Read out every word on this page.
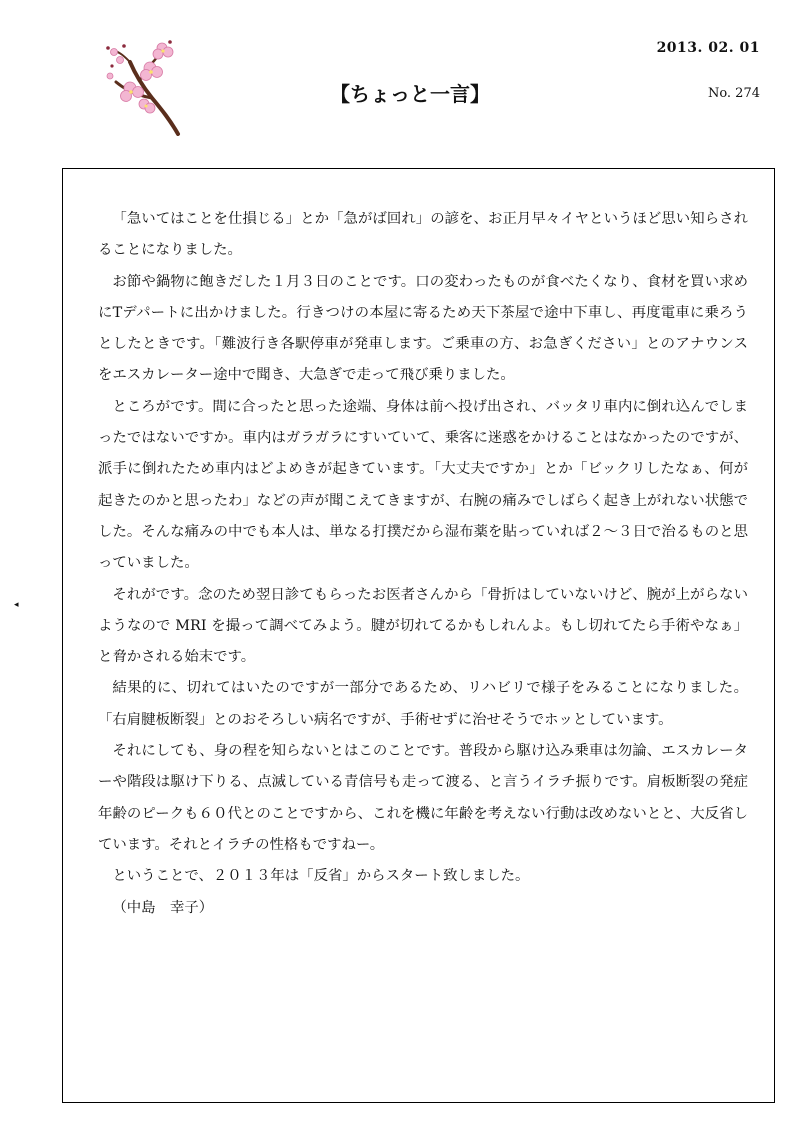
2013. 02. 01
【ちょっと一言】	No. 274
◂

「急いてはことを仕損じる」とか「急がば回れ」の諺を、お正月早々イヤというほど思い知らされることになりました。

お節や鍋物に飽きだした１月３日のことです。口の変わったものが食べたくなり、食材を買い求めにTデパートに出かけました。行きつけの本屋に寄るため天下茶屋で途中下車し、再度電車に乗ろうとしたときです。「難波行き各駅停車が発車します。ご乗車の方、お急ぎください」とのアナウンスをエスカレーター途中で聞き、大急ぎで走って飛び乗りました。

ところがです。間に合ったと思った途端、身体は前へ投げ出され、バッタリ車内に倒れ込んでしまったではないですか。車内はガラガラにすいていて、乗客に迷惑をかけることはなかったのですが、派手に倒れたため車内はどよめきが起きています。「大丈夫ですか」とか「ビックリしたなぁ、何が起きたのかと思ったわ」などの声が聞こえてきますが、右腕の痛みでしばらく起き上がれない状態でした。そんな痛みの中でも本人は、単なる打撲だから湿布薬を貼っていれば２〜３日で治るものと思っていました。

それがです。念のため翌日診てもらったお医者さんから「骨折はしていないけど、腕が上がらないようなので MRI を撮って調べてみよう。腱が切れてるかもしれんよ。もし切れてたら手術やなぁ」と脅かされる始末です。

結果的に、切れてはいたのですが一部分であるため、リハビリで様子をみることになりました。「右肩腱板断裂」とのおそろしい病名ですが、手術せずに治せそうでホッとしています。

それにしても、身の程を知らないとはこのことです。普段から駆け込み乗車は勿論、エスカレーターや階段は駆け下りる、点滅している青信号も走って渡る、と言うイラチ振りです。肩板断裂の発症年齢のピークも６０代とのことですから、これを機に年齢を考えない行動は改めないとと、大反省しています。それとイラチの性格もですねー。

ということで、２０１３年は「反省」からスタート致しました。

（中島　幸子）
